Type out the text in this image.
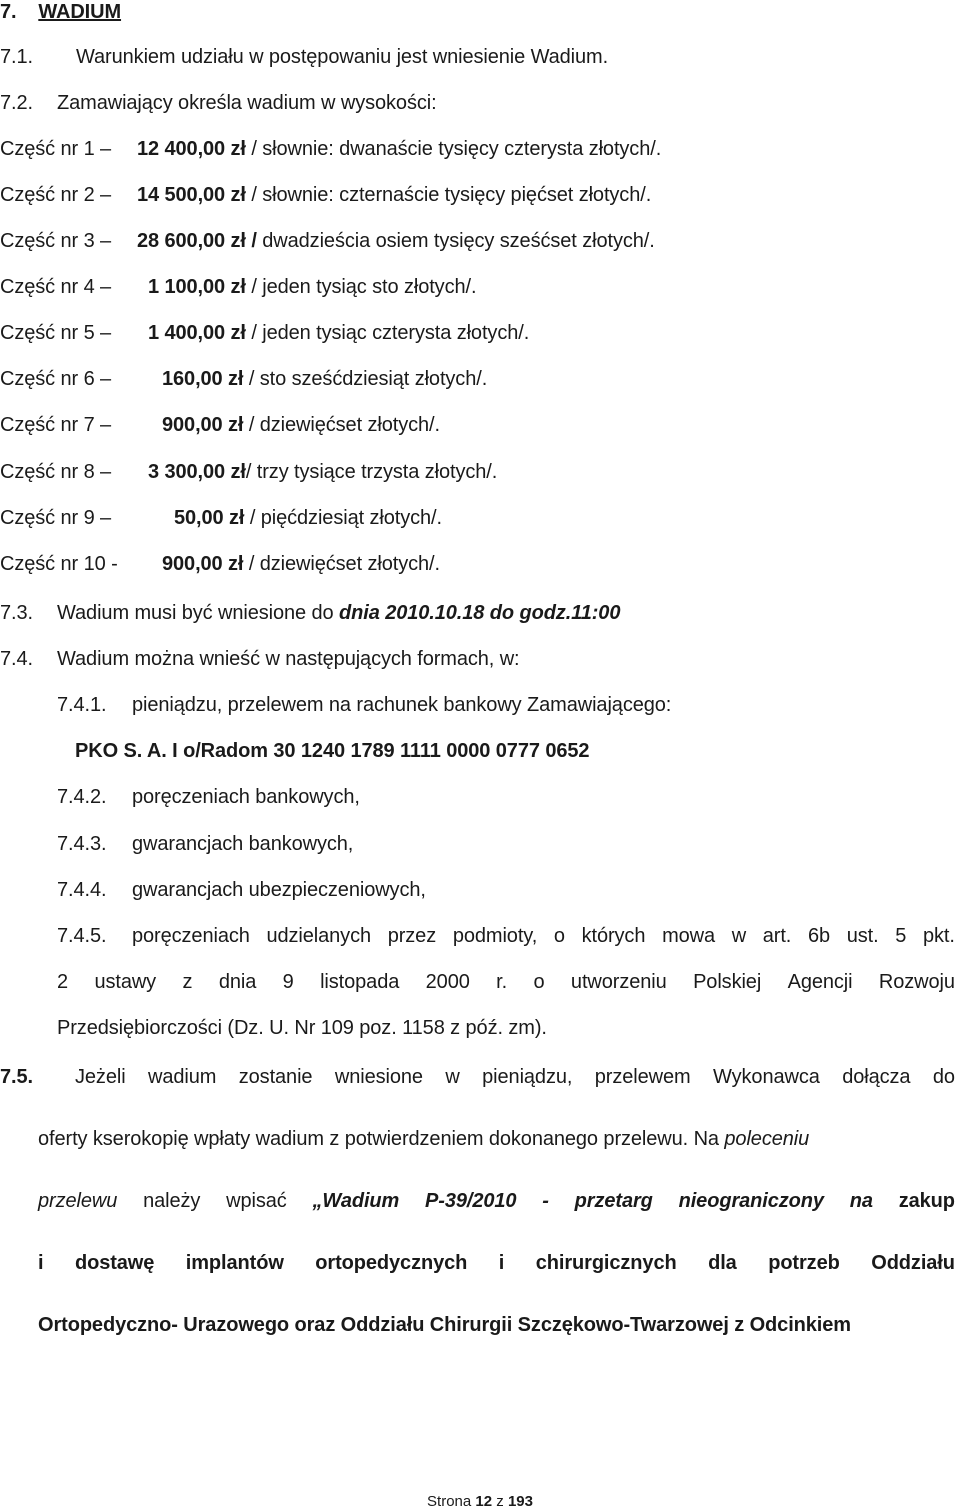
7. WADIUM
7.1. Warunkiem udziału w postępowaniu jest wniesienie Wadium.
7.2. Zamawiający określa wadium w wysokości:
Część nr 1 – 12 400,00 zł / słownie: dwanaście tysięcy czterysta złotych/.
Część nr 2 – 14 500,00 zł / słownie: czternaście tysięcy pięćset złotych/.
Część nr 3 – 28 600,00 zł / dwadzieścia osiem tysięcy sześćset złotych/.
Część nr 4 – 1 100,00 zł / jeden tysiąc sto złotych/.
Część nr 5 – 1 400,00 zł / jeden tysiąc czterysta złotych/.
Część nr 6 –	160,00 zł / sto sześćdziesiąt złotych/.
Część nr 7 –	900,00 zł / dziewięćset złotych/.
Część nr 8 – 3 300,00 zł/ trzy tysiące trzysta złotych/.
Część nr 9 –	50,00 zł / pięćdziesiąt złotych/.
Część nr 10 - 900,00 zł / dziewięćset złotych/.
7.3. Wadium musi być wniesione do dnia 2010.10.18 do godz.11:00
7.4. Wadium można wnieść w następujących formach, w:
7.4.1. pieniądzu, przelewem na rachunek bankowy Zamawiającego:
PKO S. A. I o/Radom 30 1240 1789 1111 0000 0777 0652
7.4.2. poręczeniach bankowych,
7.4.3. gwarancjach bankowych,
7.4.4. gwarancjach ubezpieczeniowych,
7.4.5. poręczeniach udzielanych przez podmioty, o których mowa w art. 6b ust. 5 pkt.
2 ustawy z dnia 9 listopada 2000 r. o utworzeniu Polskiej Agencji Rozwoju
Przedsiębiorczości (Dz. U. Nr 109 poz. 1158 z póź. zm).
7.5. Jeżeli wadium zostanie wniesione w pieniądzu, przelewem Wykonawca dołącza do
oferty kserokopię wpłaty wadium z potwierdzeniem dokonanego przelewu. Na poleceniu
przelewu należy wpisać „Wadium P-39/2010 - przetarg nieograniczony na zakup
i dostawę implantów ortopedycznych i chirurgicznych dla potrzeb Oddziału
Ortopedyczno- Urazowego oraz Oddziału Chirurgii Szczękowo-Twarzowej z Odcinkiem
Strona 12 z 193
